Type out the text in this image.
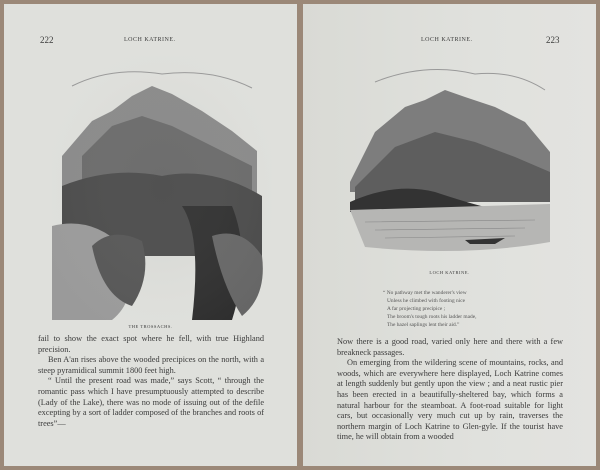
222	LOCH KATRINE.
THE TROSSACHS.

fail to show the exact spot where he fell, with true Highland precision.

Ben A'an rises above the wooded precipices on the north, with a steep pyramidical summit 1800 feet high.

“ Until the present road was made,” says Scott, “ through the romantic pass which I have presumptuously attempted to describe (Lady of the Lake), there was no mode of issuing out of the defile excepting by a sort of ladder composed of the branches and roots of trees”—

LOCH KATRINE.	223
LOCH KATRINE.
“ No pathway met the wanderer's view
Unless he climbed with footing nice
A far projecting precipice ;
The broom's tough roots his ladder made,
The hazel saplings lent their aid.”

Now there is a good road, varied only here and there with a few breakneck passages.

On emerging from the wildering scene of mountains, rocks, and woods, which are everywhere here displayed, Loch Katrine comes at length suddenly but gently upon the view ; and a neat rustic pier has been erected in a beautifully-sheltered bay, which forms a natural harbour for the steamboat. A foot-road suitable for light cars, but occasionally very much cut up by rain, traverses the northern margin of Loch Katrine to Glen-gyle. If the tourist have time, he will obtain from a wooded
